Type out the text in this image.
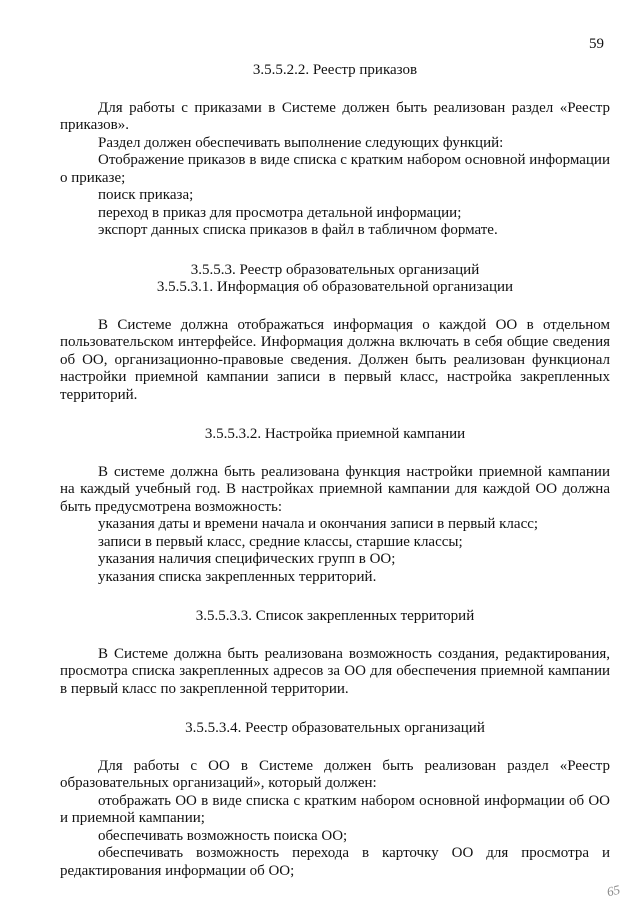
59
3.5.5.2.2. Реестр приказов
Для работы с приказами в Системе должен быть реализован раздел «Реестр приказов».
Раздел должен обеспечивать выполнение следующих функций:
Отображение приказов в виде списка с кратким набором основной информации о приказе;
поиск приказа;
переход в приказ для просмотра детальной информации;
экспорт данных списка приказов в файл в табличном формате.
3.5.5.3. Реестр образовательных организаций
3.5.5.3.1. Информация об образовательной организации
В Системе должна отображаться информация о каждой ОО в отдельном пользовательском интерфейсе. Информация должна включать в себя общие сведения об ОО, организационно-правовые сведения. Должен быть реализован функционал настройки приемной кампании записи в первый класс, настройка закрепленных территорий.
3.5.5.3.2. Настройка приемной кампании
В системе должна быть реализована функция настройки приемной кампании на каждый учебный год. В настройках приемной кампании для каждой ОО должна быть предусмотрена возможность:
указания даты и времени начала и окончания записи в первый класс;
записи в первый класс, средние классы, старшие классы;
указания наличия специфических групп в ОО;
указания списка закрепленных территорий.
3.5.5.3.3. Список закрепленных территорий
В Системе должна быть реализована возможность создания, редактирования, просмотра списка закрепленных адресов за ОО для обеспечения приемной кампании в первый класс по закрепленной территории.
3.5.5.3.4. Реестр образовательных организаций
Для работы с ОО в Системе должен быть реализован раздел «Реестр образовательных организаций», который должен:
отображать ОО в виде списка с кратким набором основной информации об ОО и приемной кампании;
обеспечивать возможность поиска ОО;
обеспечивать возможность перехода в карточку ОО для просмотра и редактирования информации об ОО;
65
